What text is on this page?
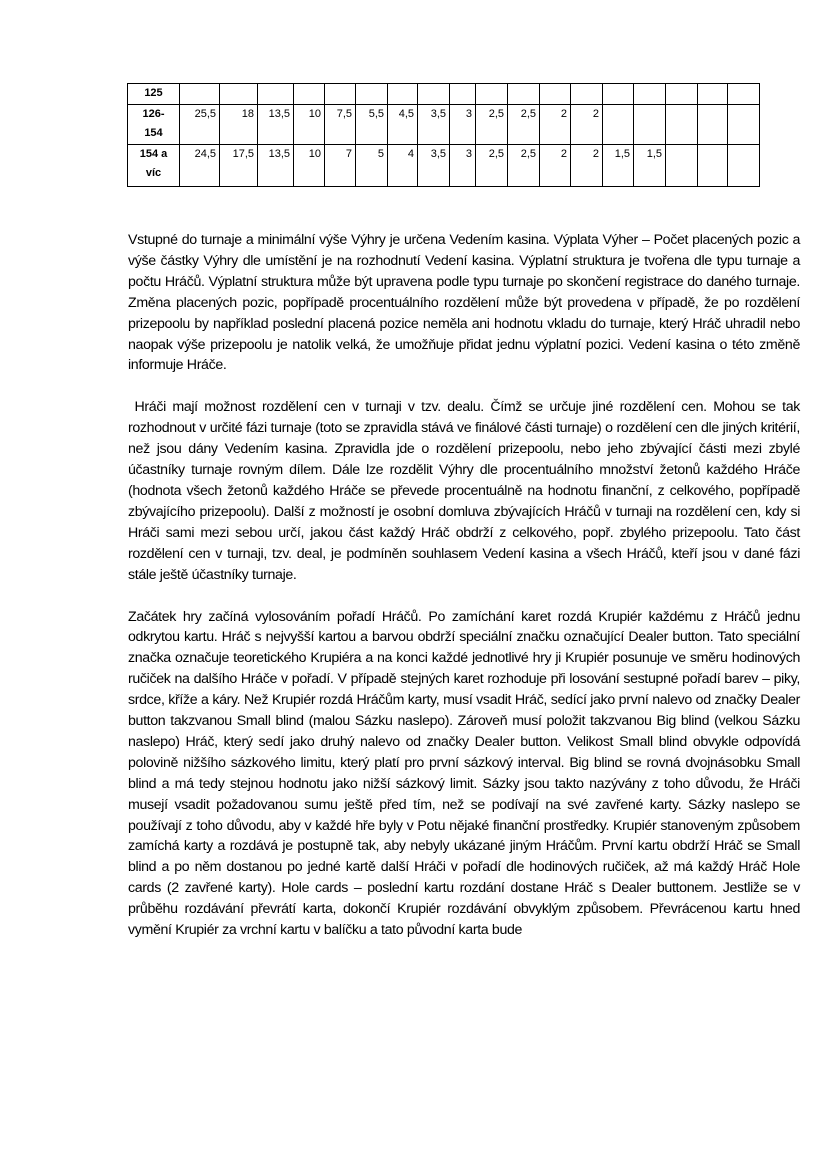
125																		
126- 154	25,5	18	13,5	10	7,5	5,5	4,5	3,5	3	2,5	2,5	2	2					
154 a víc	24,5	17,5	13,5	10	7	5	4	3,5	3	2,5	2,5	2	2	1,5	1,5			

Vstupné do turnaje a minimální výše Výhry je určena Vedením kasina. Výplata Výher – Počet placených pozic a výše částky Výhry dle umístění je na rozhodnutí Vedení kasina. Výplatní struktura je tvořena dle typu turnaje a počtu Hráčů. Výplatní struktura může být upravena podle typu turnaje po skončení registrace do daného turnaje. Změna placených pozic, popřípadě procentuálního rozdělení může být provedena v případě, že po rozdělení prizepoolu by například poslední placená pozice neměla ani hodnotu vkladu do turnaje, který Hráč uhradil nebo naopak výše prizepoolu je natolik velká, že umožňuje přidat jednu výplatní pozici. Vedení kasina o této změně informuje Hráče.

Hráči mají možnost rozdělení cen v turnaji v tzv. dealu. Čímž se určuje jiné rozdělení cen. Mohou se tak rozhodnout v určité fázi turnaje (toto se zpravidla stává ve finálové části turnaje) o rozdělení cen dle jiných kritérií, než jsou dány Vedením kasina. Zpravidla jde o rozdělení prizepoolu, nebo jeho zbývající části mezi zbylé účastníky turnaje rovným dílem. Dále lze rozdělit Výhry dle procentuálního množství žetonů každého Hráče (hodnota všech žetonů každého Hráče se převede procentuálně na hodnotu finanční, z celkového, popřípadě zbývajícího prizepoolu). Další z možností je osobní domluva zbývajících Hráčů v turnaji na rozdělení cen, kdy si Hráči sami mezi sebou určí, jakou část každý Hráč obdrží z celkového, popř. zbylého prizepoolu. Tato část rozdělení cen v turnaji, tzv. deal, je podmíněn souhlasem Vedení kasina a všech Hráčů, kteří jsou v dané fázi stále ještě účastníky turnaje.

Začátek hry začíná vylosováním pořadí Hráčů. Po zamíchání karet rozdá Krupiér každému z Hráčů jednu odkrytou kartu. Hráč s nejvyšší kartou a barvou obdrží speciální značku označující Dealer button. Tato speciální značka označuje teoretického Krupiéra a na konci každé jednotlivé hry ji Krupiér posunuje ve směru hodinových ručiček na dalšího Hráče v pořadí. V případě stejných karet rozhoduje při losování sestupné pořadí barev – piky, srdce, kříže a káry. Než Krupiér rozdá Hráčům karty, musí vsadit Hráč, sedící jako první nalevo od značky Dealer button takzvanou Small blind (malou Sázku naslepo). Zároveň musí položit takzvanou Big blind (velkou Sázku naslepo) Hráč, který sedí jako druhý nalevo od značky Dealer button. Velikost Small blind obvykle odpovídá polovině nižšího sázkového limitu, který platí pro první sázkový interval. Big blind se rovná dvojnásobku Small blind a má tedy stejnou hodnotu jako nižší sázkový limit. Sázky jsou takto nazývány z toho důvodu, že Hráči musejí vsadit požadovanou sumu ještě před tím, než se podívají na své zavřené karty. Sázky naslepo se používají z toho důvodu, aby v každé hře byly v Potu nějaké finanční prostředky. Krupiér stanoveným způsobem zamíchá karty a rozdává je postupně tak, aby nebyly ukázané jiným Hráčům. První kartu obdrží Hráč se Small blind a po něm dostanou po jedné kartě další Hráči v pořadí dle hodinových ručiček, až má každý Hráč Hole cards (2 zavřené karty). Hole cards – poslední kartu rozdání dostane Hráč s Dealer buttonem. Jestliže se v průběhu rozdávání převrátí karta, dokončí Krupiér rozdávání obvyklým způsobem. Převrácenou kartu hned vymění Krupiér za vrchní kartu v balíčku a tato původní karta bude
